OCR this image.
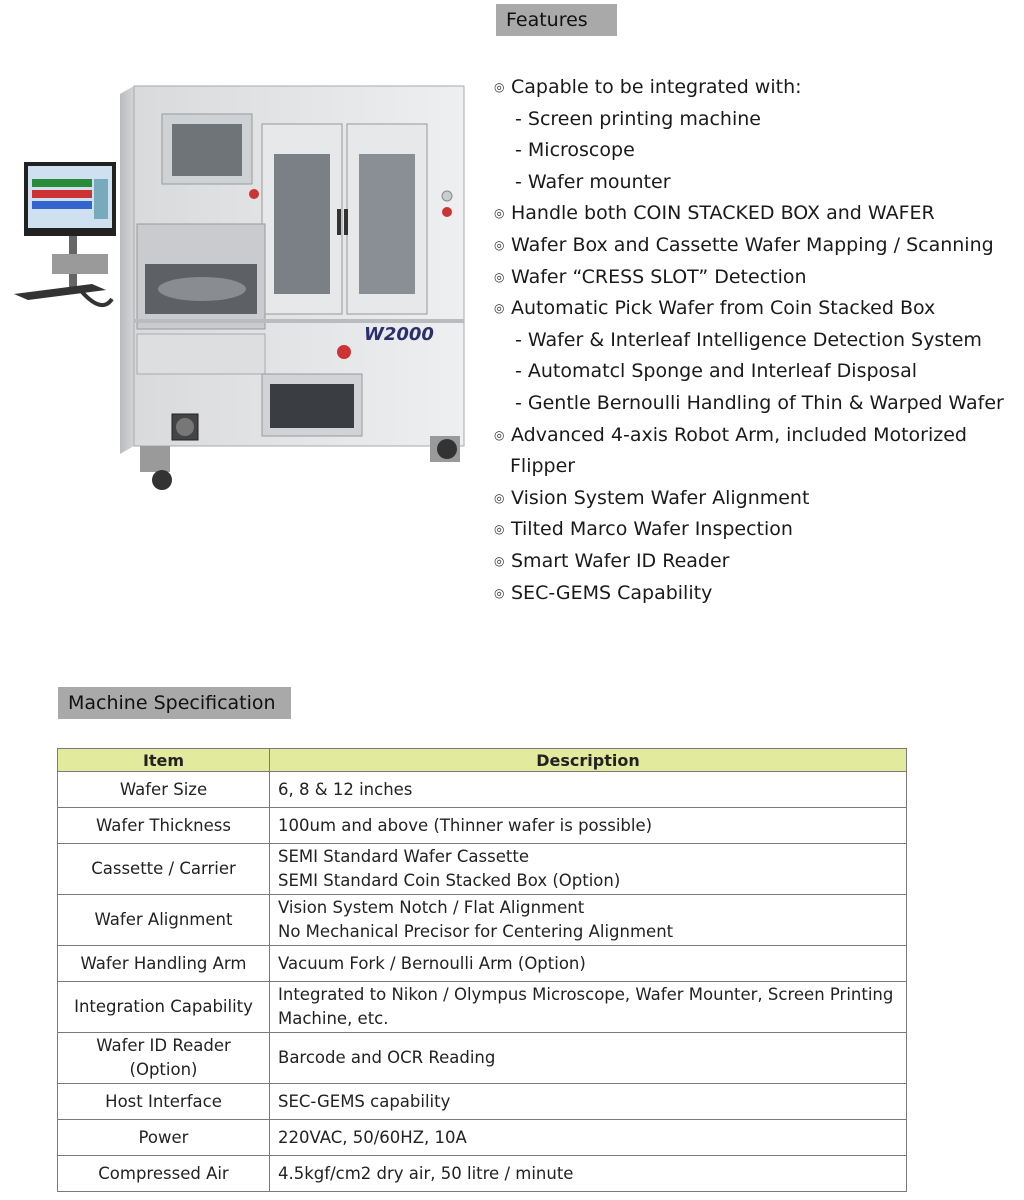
Features
W2000
◎ Capable to be integrated with:
- Screen printing machine
- Microscope
- Wafer mounter
◎ Handle both COIN STACKED BOX and WAFER
◎ Wafer Box and Cassette Wafer Mapping / Scanning
◎ Wafer “CRESS SLOT” Detection
◎ Automatic Pick Wafer from Coin Stacked Box
- Wafer & Interleaf Intelligence Detection System
- Automatcl Sponge and Interleaf Disposal
- Gentle Bernoulli Handling of Thin & Warped Wafer
◎ Advanced 4-axis Robot Arm, included Motorized
Flipper
◎ Vision System Wafer Alignment
◎ Tilted Marco Wafer Inspection
◎ Smart Wafer ID Reader
◎ SEC-GEMS Capability
Machine Specification
Item	Description

Wafer Size	6, 8 & 12 inches

Wafer Thickness	100um and above (Thinner wafer is possible)

Cassette / Carrier	SEMI Standard Wafer Cassette
SEMI Standard Coin Stacked Box (Option)

Wafer Alignment	Vision System Notch / Flat Alignment
No Mechanical Precisor for Centering Alignment

Wafer Handling Arm	Vacuum Fork / Bernoulli Arm (Option)

Integration Capability	Integrated to Nikon / Olympus Microscope, Wafer Mounter, Screen Printing
Machine, etc.

Wafer ID Reader
(Option)	Barcode and OCR Reading

Host Interface	SEC-GEMS capability

Power	220VAC, 50/60HZ, 10A

Compressed Air	4.5kgf/cm2 dry air, 50 litre / minute
